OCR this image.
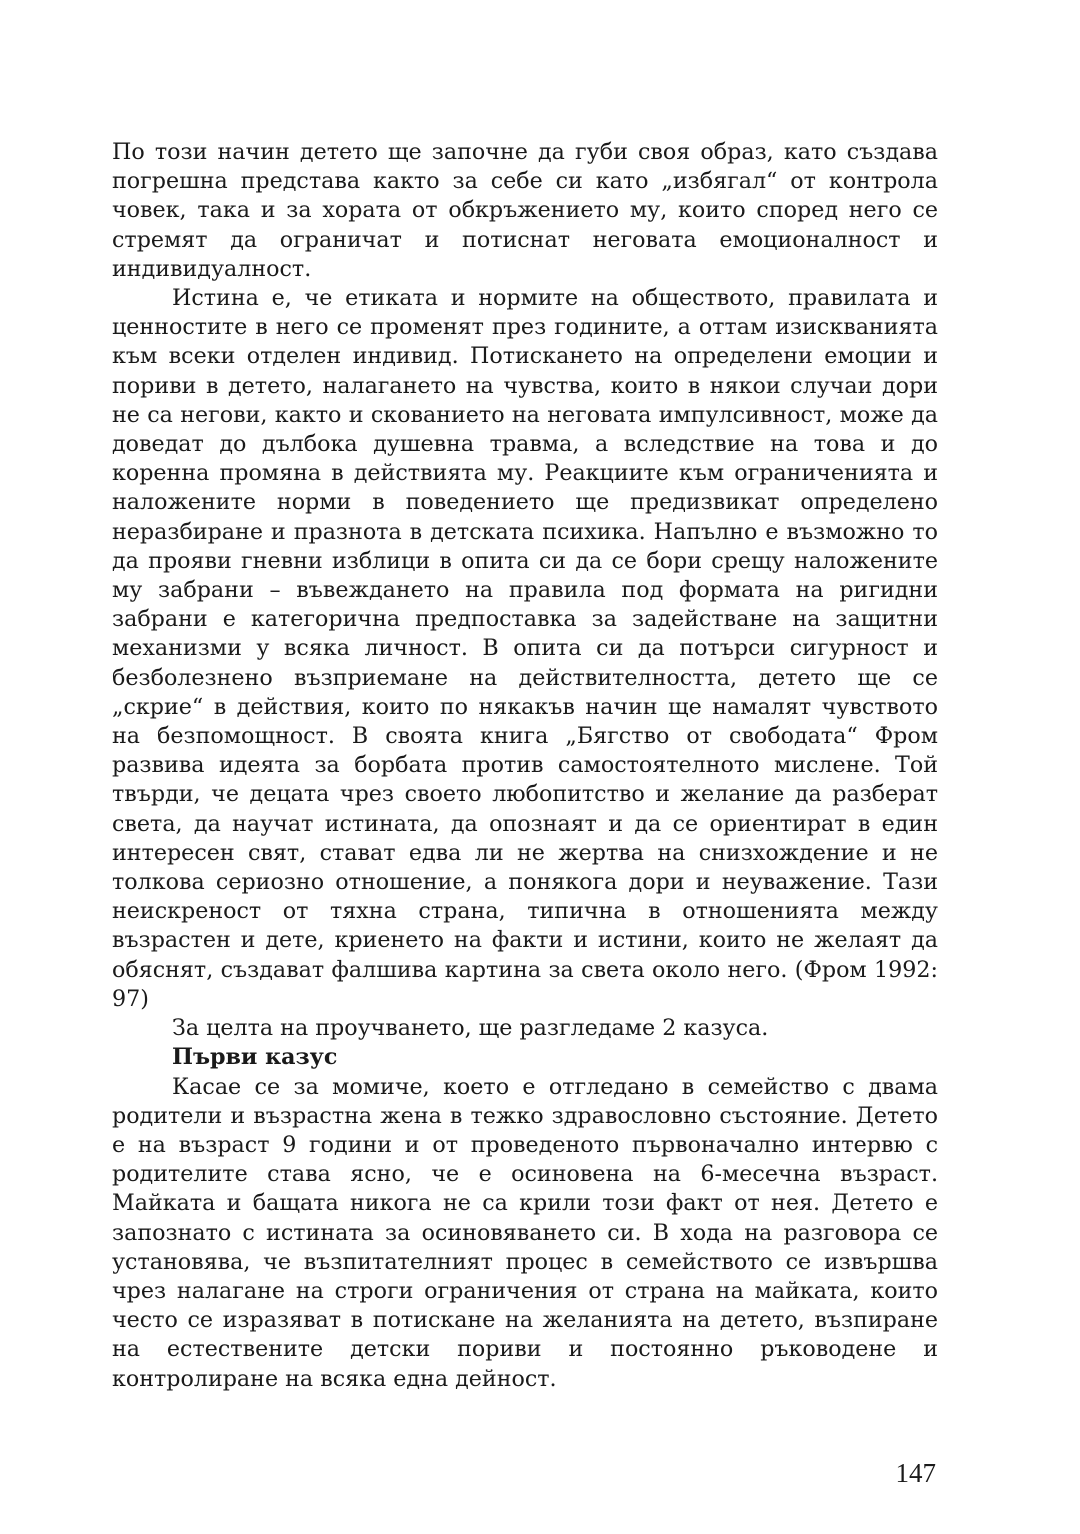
По този начин детето ще започне да губи своя образ, като създава погрешна представа както за себе си като „избягал“ от контрола човек, така и за хората от обкръжението му, които според него се стремят да ограничат и потиснат неговата емоционалност и индивидуалност.

Истина е, че етиката и нормите на обществото, правилата и ценностите в него се променят през годините, а оттам изискванията към всеки отделен индивид. Потискането на определени емоции и пориви в детето, налагането на чувства, които в някои случаи дори не са негови, както и скованието на неговата импулсивност, може да доведат до дълбока душевна травма, а вследствие на това и до коренна промяна в действията му. Реакциите към ограниченията и наложените норми в поведението ще предизвикат определено неразбиране и празнота в детската психика. Напълно е възможно то да прояви гневни изблици в опита си да се бори срещу наложените му забрани – въвеждането на правила под формата на ригидни забрани е категорична предпоставка за задействане на защитни механизми у всяка личност. В опита си да потърси сигурност и безболезнено възприемане на действителността, детето ще се „скрие“ в действия, които по някакъв начин ще намалят чувството на безпомощност. В своята книга „Бягство от свободата“ Фром развива идеята за борбата против самостоятелното мислене. Той твърди, че децата чрез своето любопитство и желание да разберат света, да научат истината, да опознаят и да се ориентират в един интересен свят, стават едва ли не жертва на снизхождение и не толкова сериозно отношение, а понякога дори и неуважение. Тази неискреност от тяхна страна, типична в отношенията между възрастен и дете, криенето на факти и истини, които не желаят да обяснят, създават фалшива картина за света около него. (Фром 1992: 97)

За целта на проучването, ще разгледаме 2 казуса.

Първи казус

Касае се за момиче, което е отгледано в семейство с двама родители и възрастна жена в тежко здравословно състояние. Детето е на възраст 9 години и от проведеното първоначално интервю с родителите става ясно, че е осиновена на 6-месечна възраст. Майката и бащата никога не са крили този факт от нея. Детето е запознато с истината за осиновяването си. В хода на разговора се установява, че възпитателният процес в семейството се извършва чрез налагане на строги ограничения от страна на майката, които често се изразяват в потискане на желанията на детето, възпиране на естествените детски пориви и постоянно ръководене и контролиране на всяка една дейност.

147
